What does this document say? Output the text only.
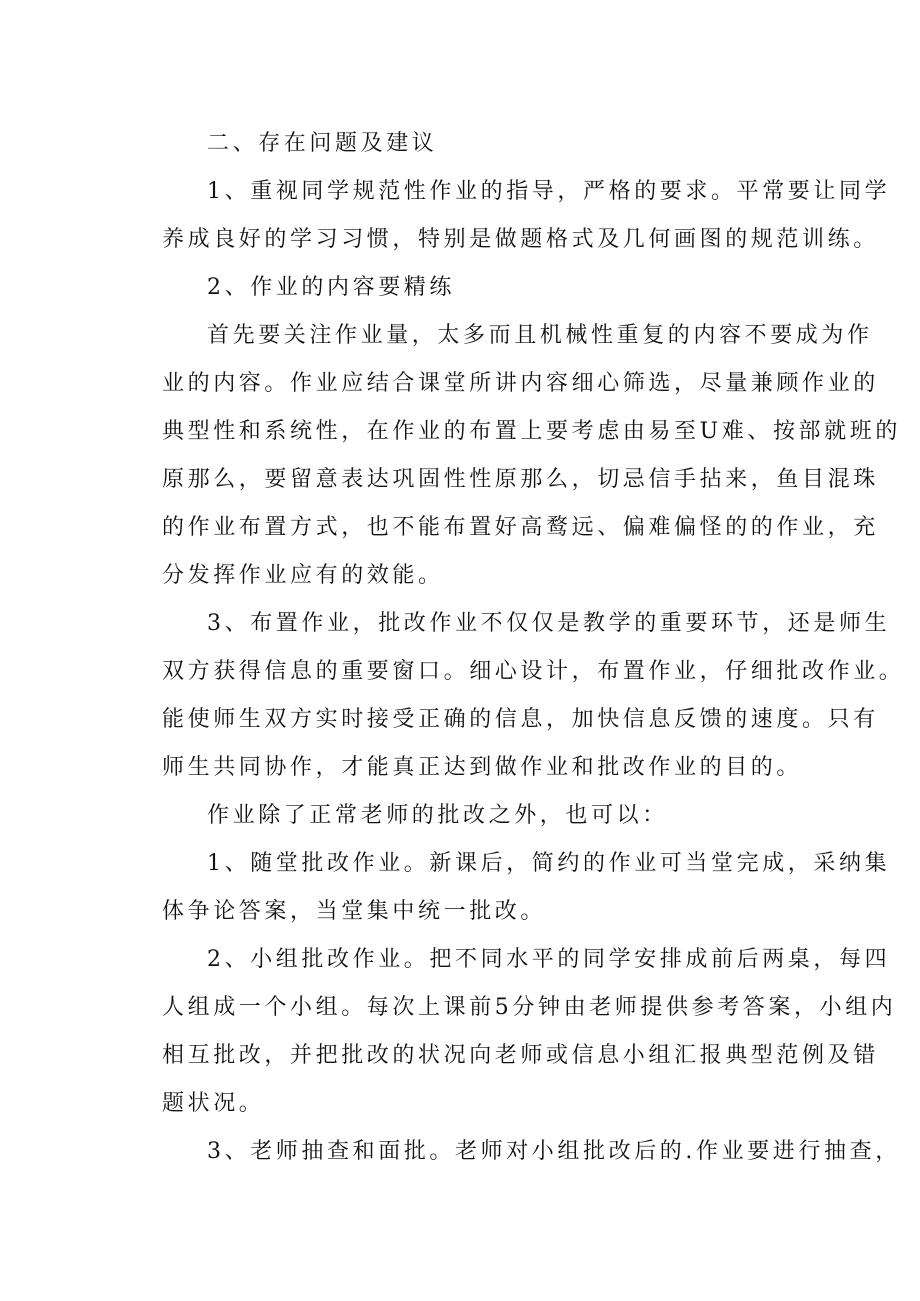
二、存在问题及建议
1、重视同学规范性作业的指导，严格的要求。平常要让同学
养成良好的学习习惯，特别是做题格式及几何画图的规范训练。
2、作业的内容要精练
首先要关注作业量，太多而且机械性重复的内容不要成为作
业的内容。作业应结合课堂所讲内容细心筛选，尽量兼顾作业的
典型性和系统性，在作业的布置上要考虑由易至U难、按部就班的
原那么，要留意表达巩固性性原那么，切忌信手拈来，鱼目混珠
的作业布置方式，也不能布置好高鹜远、偏难偏怪的的作业，充
分发挥作业应有的效能。
3、布置作业，批改作业不仅仅是教学的重要环节，还是师生
双方获得信息的重要窗口。细心设计，布置作业，仔细批改作业。
能使师生双方实时接受正确的信息，加快信息反馈的速度。只有
师生共同协作，才能真正达到做作业和批改作业的目的。
作业除了正常老师的批改之外，也可以：
1、随堂批改作业。新课后，简约的作业可当堂完成，采纳集
体争论答案，当堂集中统一批改。
2、小组批改作业。把不同水平的同学安排成前后两桌，每四
人组成一个小组。每次上课前5分钟由老师提供参考答案，小组内
相互批改，并把批改的状况向老师或信息小组汇报典型范例及错
题状况。
3、老师抽查和面批。老师对小组批改后的.作业要进行抽查，
